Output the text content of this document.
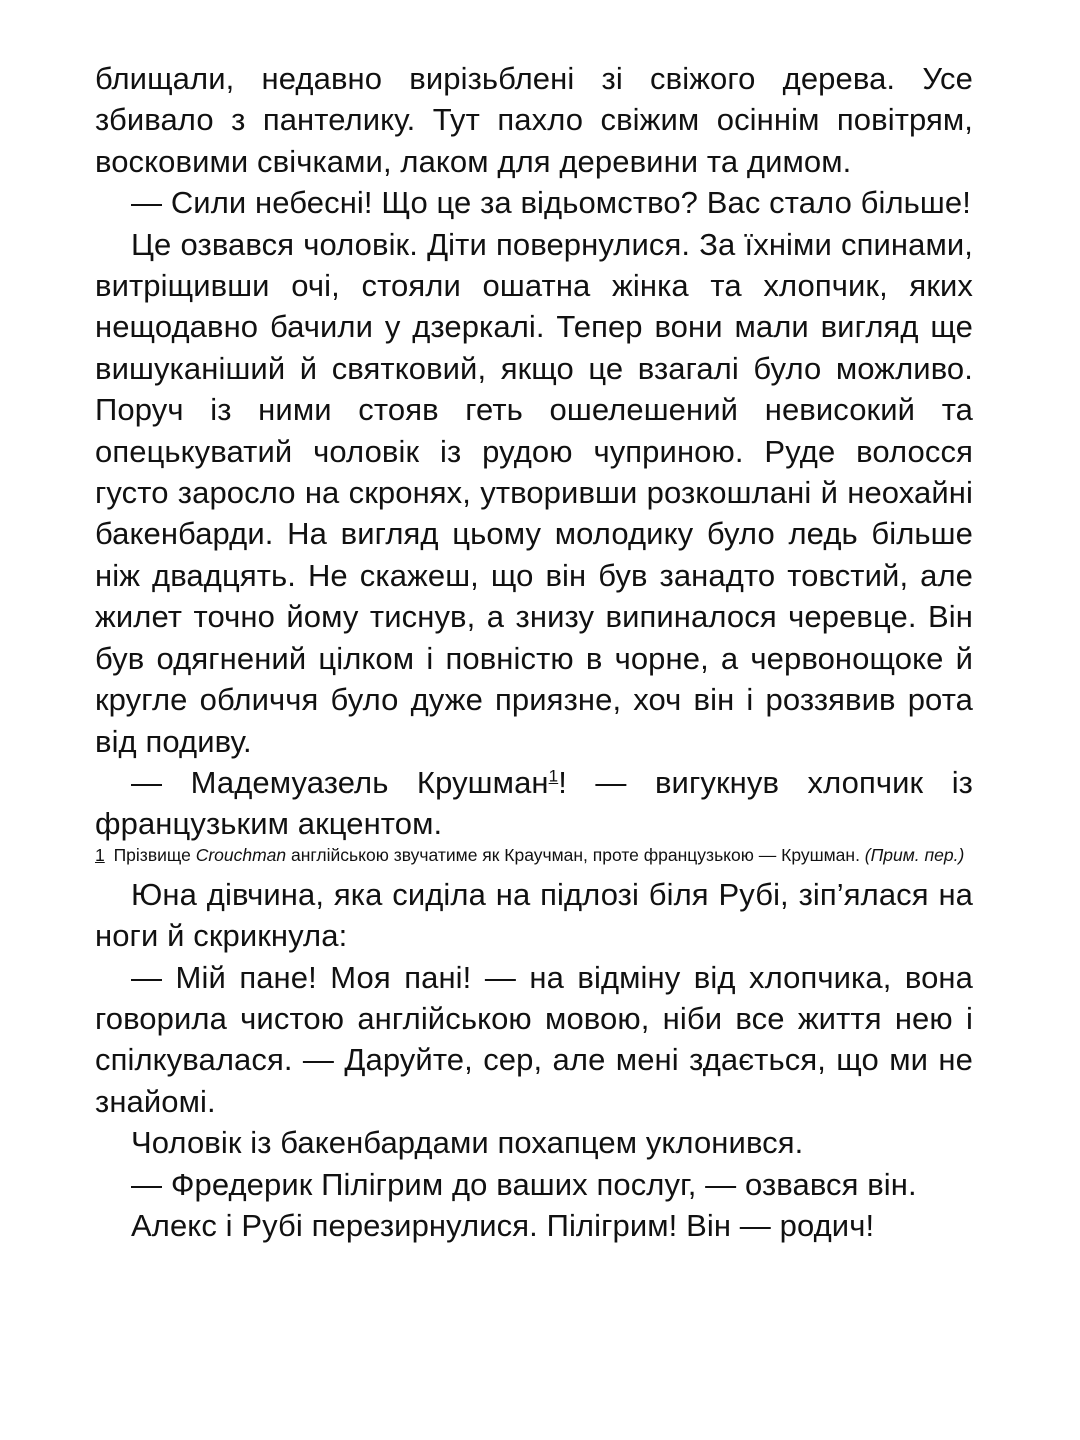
блищали, недавно вирізьблені зі свіжого дерева. Усе збивало з пантелику. Тут пахло свіжим осіннім повітрям, восковими свічками, лаком для деревини та димом.

— Сили небесні! Що це за відьомство? Вас стало більше!

Це озвався чоловік. Діти повернулися. За їхніми спинами, витріщивши очі, стояли ошатна жінка та хлопчик, яких нещодавно бачили у дзеркалі. Тепер вони мали вигляд ще вишуканіший й святковий, якщо це взагалі було можливо. Поруч із ними стояв геть ошелешений невисокий та опецькуватий чоловік із рудою чуприною. Руде волосся густо заросло на скронях, утворивши розкошлані й неохайні бакенбарди. На вигляд цьому молодику було ледь більше ніж двадцять. Не скажеш, що він був занадто товстий, але жилет точно йому тиснув, а знизу випиналося черевце. Він був одягнений цілком і повністю в чорне, а червонощоке й кругле обличчя було дуже приязне, хоч він і роззявив рота від подиву.

— Мадемуазель Крушман$^1$! — вигукнув хлопчик із французьким акцентом.

1 Прізвище Crouchman англійською звучатиме як Краучман, проте французькою — Крушман. (Прим. пер.)

Юна дівчина, яка сиділа на підлозі біля Рубі, зіп’ялася на ноги й скрикнула:

— Мій пане! Моя пані! — на відміну від хлопчика, вона говорила чистою англійською мовою, ніби все життя нею і спілкувалася. — Даруйте, сер, але мені здається, що ми не знайомі.

Чоловік із бакенбардами похапцем уклонився.

— Фредерик Пілігрим до ваших послуг, — озвався він.

Алекс і Рубі перезирнулися. Пілігрим! Він — родич!
